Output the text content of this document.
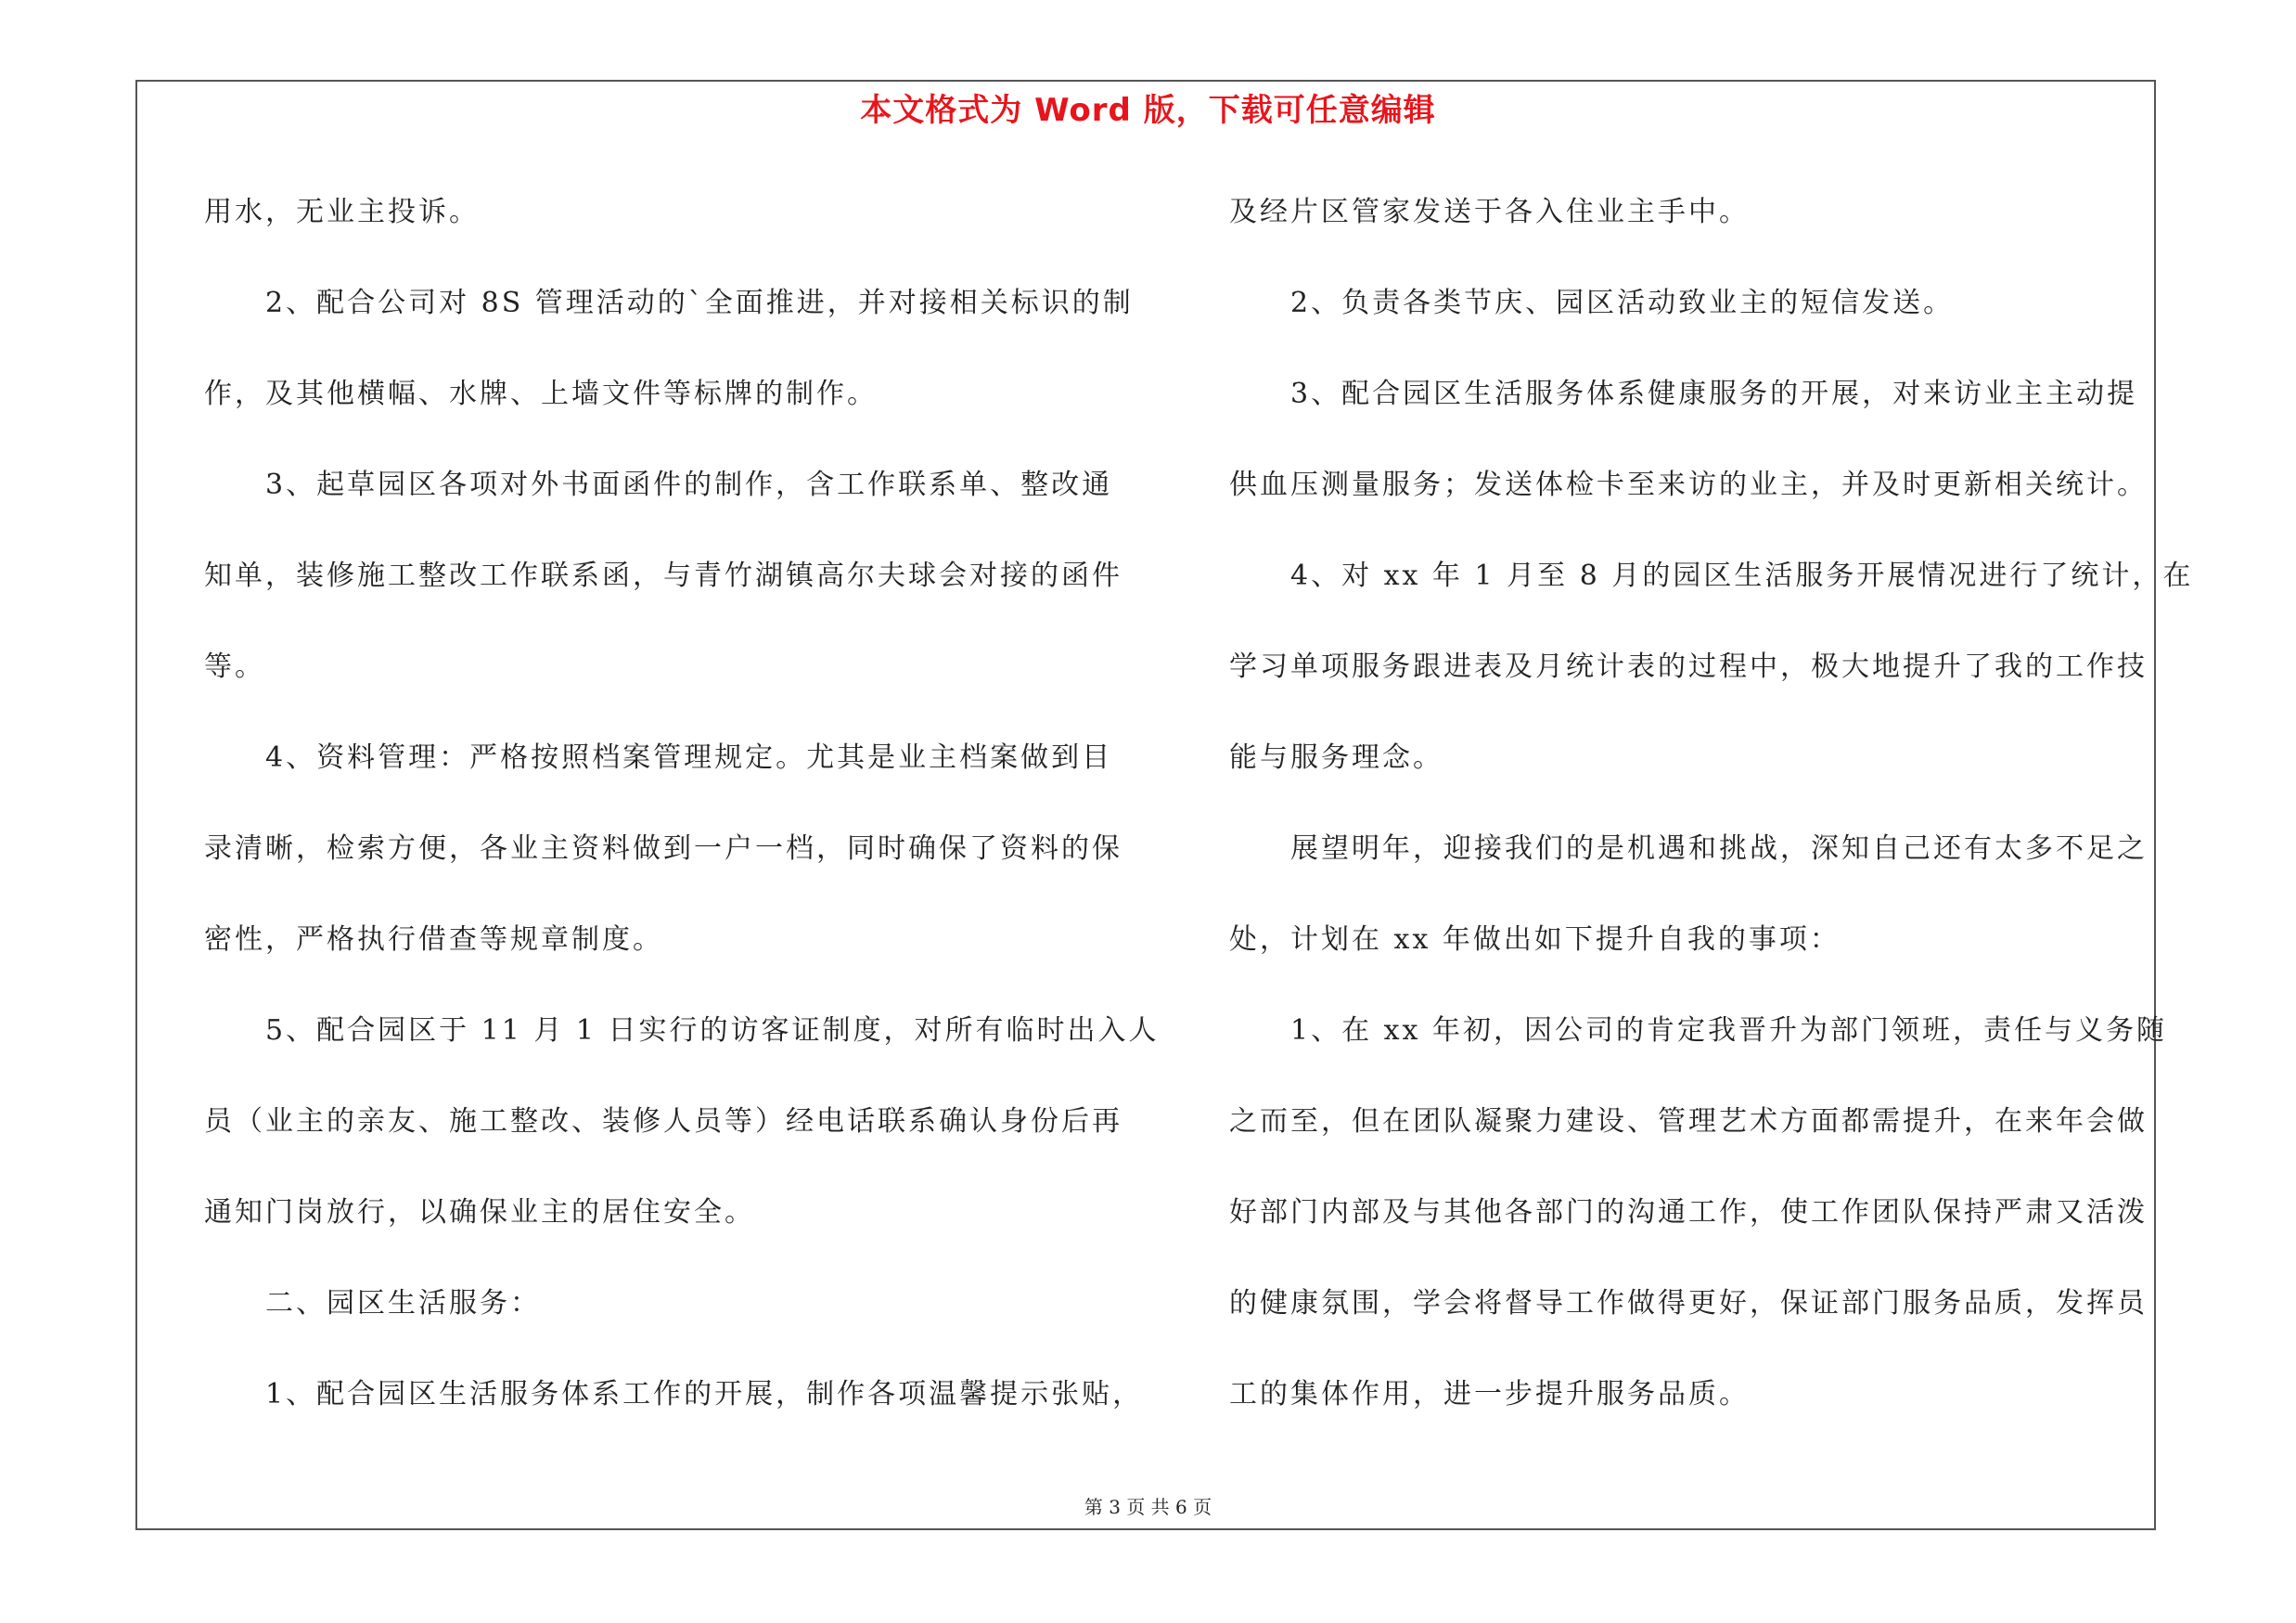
本文格式为 Word 版，下载可任意编辑

用水，无业主投诉。

　　2、配合公司对 8S 管理活动的`全面推进，并对接相关标识的制

作，及其他横幅、水牌、上墙文件等标牌的制作。

　　3、起草园区各项对外书面函件的制作，含工作联系单、整改通

知单，装修施工整改工作联系函，与青竹湖镇高尔夫球会对接的函件

等。

　　4、资料管理：严格按照档案管理规定。尤其是业主档案做到目

录清晰，检索方便，各业主资料做到一户一档，同时确保了资料的保

密性，严格执行借查等规章制度。

　　5、配合园区于 11 月 1 日实行的访客证制度，对所有临时出入人

员（业主的亲友、施工整改、装修人员等）经电话联系确认身份后再

通知门岗放行，以确保业主的居住安全。

　　二、园区生活服务：

　　1、配合园区生活服务体系工作的开展，制作各项温馨提示张贴，

及经片区管家发送于各入住业主手中。

　　2、负责各类节庆、园区活动致业主的短信发送。

　　3、配合园区生活服务体系健康服务的开展，对来访业主主动提

供血压测量服务；发送体检卡至来访的业主，并及时更新相关统计。

　　4、对 xx 年 1 月至 8 月的园区生活服务开展情况进行了统计，在

学习单项服务跟进表及月统计表的过程中，极大地提升了我的工作技

能与服务理念。

　　展望明年，迎接我们的是机遇和挑战，深知自己还有太多不足之

处，计划在 xx 年做出如下提升自我的事项：

　　1、在 xx 年初，因公司的肯定我晋升为部门领班，责任与义务随

之而至，但在团队凝聚力建设、管理艺术方面都需提升，在来年会做

好部门内部及与其他各部门的沟通工作，使工作团队保持严肃又活泼

的健康氛围，学会将督导工作做得更好，保证部门服务品质，发挥员

工的集体作用，进一步提升服务品质。

第 3 页 共 6 页
